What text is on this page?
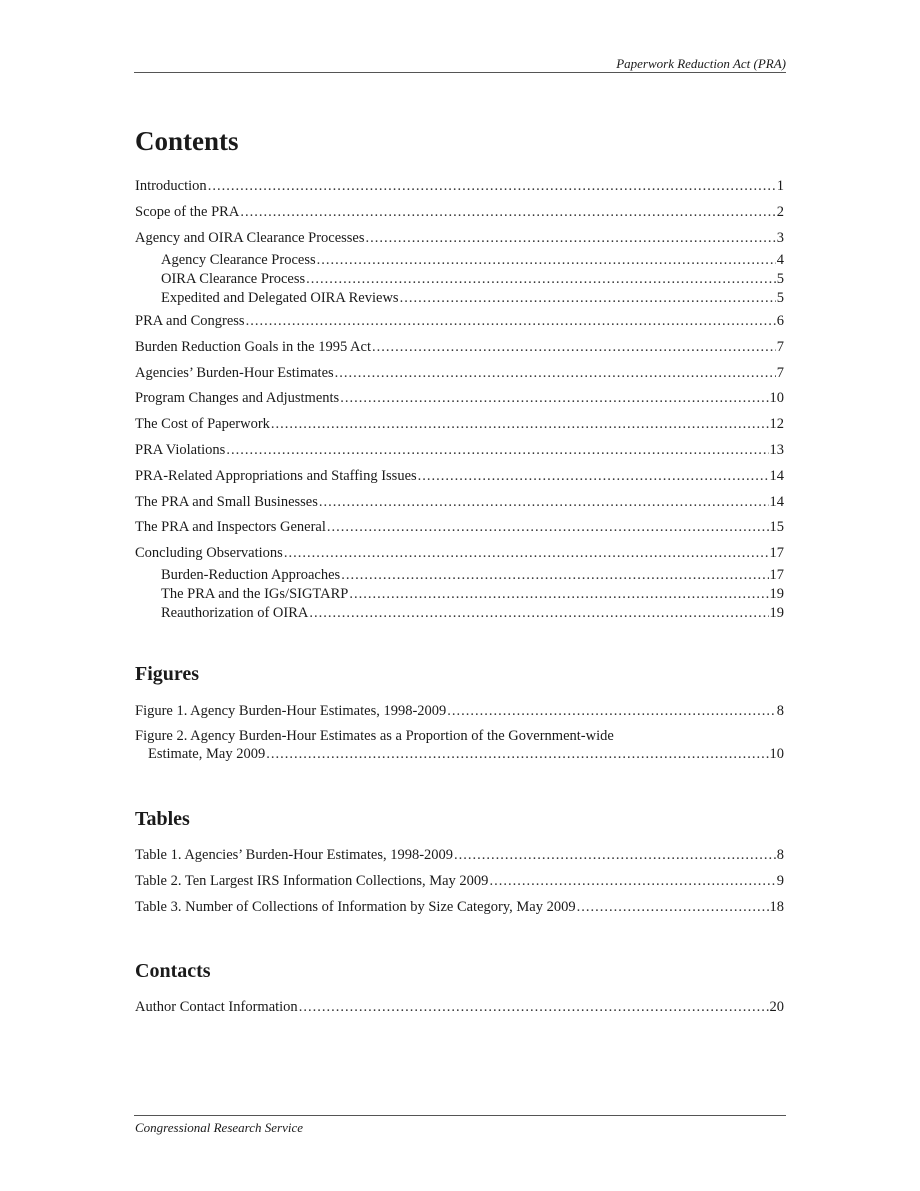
Paperwork Reduction Act (PRA)
Contents
Introduction .....	1
Scope of the PRA .....	2
Agency and OIRA Clearance Processes .....	3
Agency Clearance Process .....	4
OIRA Clearance Process .....	5
Expedited and Delegated OIRA Reviews .....	5
PRA and Congress .....	6
Burden Reduction Goals in the 1995 Act .....	7
Agencies’ Burden-Hour Estimates .....	7
Program Changes and Adjustments .....	10
The Cost of Paperwork .....	12
PRA Violations .....	13
PRA-Related Appropriations and Staffing Issues .....	14
The PRA and Small Businesses .....	14
The PRA and Inspectors General .....	15
Concluding Observations .....	17
Burden-Reduction Approaches .....	17
The PRA and the IGs/SIGTARP .....	19
Reauthorization of OIRA .....	19
Figures
Figure 1. Agency Burden-Hour Estimates, 1998-2009 .....	8
Figure 2. Agency Burden-Hour Estimates as a Proportion of the Government-wide
Estimate, May 2009 .....	10
Tables
Table 1. Agencies’ Burden-Hour Estimates, 1998-2009 .....	8
Table 2. Ten Largest IRS Information Collections, May 2009 .....	9
Table 3. Number of Collections of Information by Size Category, May 2009 .....	18
Contacts
Author Contact Information .....	20
Congressional Research Service
